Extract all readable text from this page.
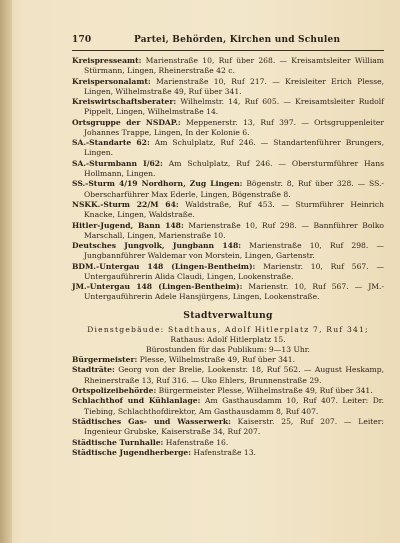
170	Partei, Behörden, Kirchen und Schulen

Kreispresseamt: Marienstraße 10, Ruf über 268. — Kreisamtsleiter William Stürmann, Lingen, Rheinerstraße 42 c.

Kreispersonalamt: Marienstraße 10, Ruf 217. — Kreisleiter Erich Plesse, Lingen, Wilhelmstraße 49, Ruf über 341.

Kreiswirtschaftsberater: Wilhelmstr. 14, Ruf 605. — Kreisamtsleiter Rudolf Pippelt, Lingen, Wilhelmstraße 14.

Ortsgruppe der NSDAP.: Meppenerstr. 13, Ruf 397. — Ortsgruppenleiter Johannes Trappe, Lingen, In der Kolonie 6.

SA.-Standarte 62: Am Schulplatz, Ruf 246. — Standartenführer Brungers, Lingen.

SA.-Sturmbann I/62: Am Schulplatz, Ruf 246. — Obersturmführer Hans Hollmann, Lingen.

SS.-Sturm 4/19 Nordhorn, Zug Lingen: Bögenstr. 8, Ruf über 328. — SS.-Oberscharführer Max Ederle, Lingen, Bögenstraße 8.

NSKK.-Sturm 22/M 64: Waldstraße, Ruf 453. — Sturmführer Heinrich Knacke, Lingen, Waldstraße.

Hitler-Jugend, Bann 148: Marienstraße 10, Ruf 298. — Bannführer Bolko Marschall, Lingen, Marienstraße 10.

Deutsches Jungvolk, Jungbann 148: Marienstraße 10, Ruf 298. — Jungbannführer Waldemar von Morstein, Lingen, Gartenstr.

BDM.-Untergau 148 (Lingen-Bentheim): Marienstr. 10, Ruf 567. — Untergauführerin Alida Claudi, Lingen, Lookenstraße.

JM.-Untergau 148 (Lingen-Bentheim): Marienstr. 10, Ruf 567. — JM.-Untergauführerin Adele Hansjürgens, Lingen, Lookenstraße.

Stadtverwaltung

Dienstgebäude: Stadthaus, Adolf Hitlerplatz 7, Ruf 341;

Rathaus: Adolf Hitlerplatz 15.

Bürostunden für das Publikum: 9—13 Uhr.

Bürgermeister: Plesse, Wilhelmstraße 49, Ruf über 341.

Stadträte: Georg von der Brelie, Lookenstr. 18, Ruf 562. — August Heskamp, Rheinerstraße 13, Ruf 316. — Uko Ehlers, Brunnenstraße 29.

Ortspolizeibehörde: Bürgermeister Plesse, Wilhelmstraße 49, Ruf über 341.

Schlachthof und Kühlanlage: Am Gasthausdamm 10, Ruf 407. Leiter: Dr. Tiebing, Schlachthofdirektor, Am Gasthausdamm 8, Ruf 407.

Städtisches Gas- und Wasserwerk: Kaiserstr. 25, Ruf 207. — Leiter: Ingenieur Grubske, Kaiserstraße 34, Ruf 207.

Städtische Turnhalle: Hafenstraße 16.

Städtische Jugendherberge: Hafenstraße 13.
